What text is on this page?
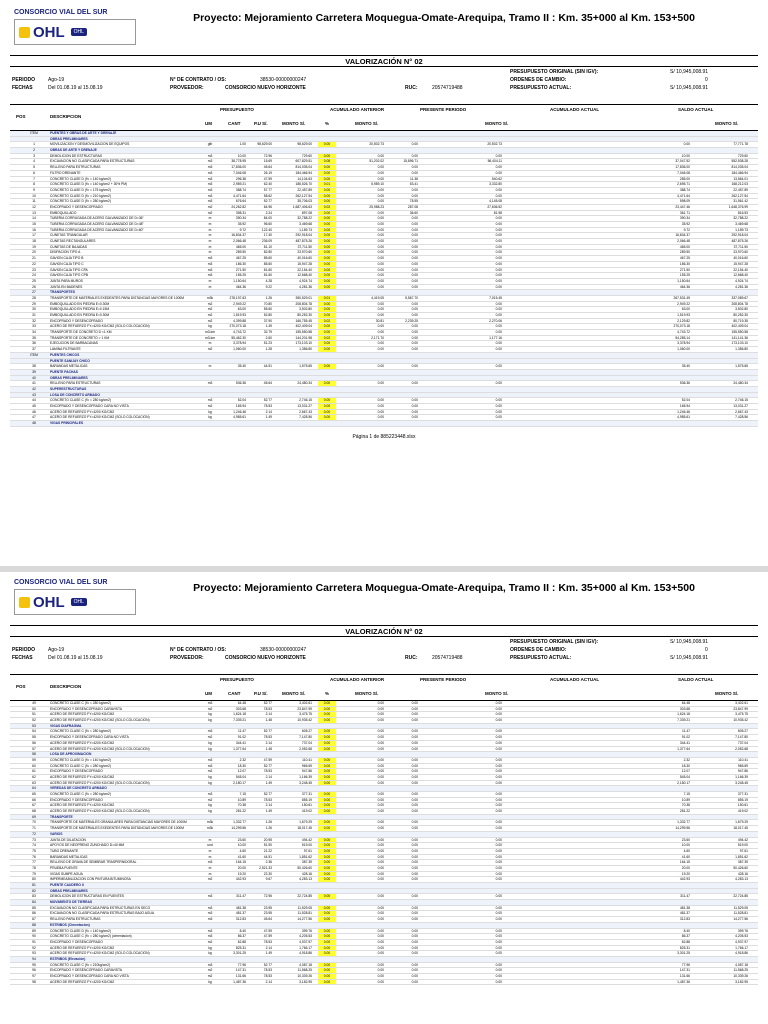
CONSORCIO VIAL DEL SUR
OHL	OHL
Proyecto: Mejoramiento Carretera Moquegua-Omate-Arequipa, Tramo II : Km. 35+000 al Km. 153+500
VALORIZACIÓN N° 02
PRESUPUESTO ORIGINAL (SIN IGV):	S/ 10,945,008.91
PERIODO	Ago-19	N° DE CONTRATO / OS:	38530-00000000247	ORDENES DE CAMBIO:	0
FECHAS	Del 01.08.19 al 15.08.19	PROVEEDOR:	CONSORCIO NUEVO HORIZONTE	RUC:	20574719488	PRESUPUESTO ACTUAL:	S/ 10,945,008.91
POS	DESCRIPCION
PRESUPUESTO	ACUMULADO ANTERIOR	PRESENTE PERIODO	ACUMULADO ACTUAL	SALDO ACTUAL
UM	CANT	P.U S/.	MONTO S/.	%	MONTO S/.	MONTO S/.	MONTO S/.
ITEM	PUENTES Y OBRAS DE ARTE Y DRENAJE
OBRAS PRELIMINARES
1	MOVILIZACION Y DESMOVILIZACION DE EQUIPOS	glb	1.00	98,629.00	98,629.00	0.00	20,502.73	0.00	20,502.73	0.00	77,771.78
2	OBRAS DE ARTE Y DRENAJE
3	DEMOLICION DE ESTRUCTURAS	m3	10.00	72.96	729.60	0.00	0.00	0.00	0.00	10.00	729.60
4	EXCAVACION NO CLASIFICADA PARA ESTRUCTURAS	m3	38,778.95	15.69	607,829.51	0.08	51,202.02	15,896.71	56,404.11	37,047.52	552,538.28
5	RELLENO PARA ESTRUCTURAS	m3	17,836.00	45.64	814,035.04	0.00	0.00	0.00	0.00	17,836.00	814,035.04
6	FILTRO DRENANTE	m3	7,046.08	26.19	184,466.94	0.00	0.00	0.00	0.00	7,046.08	184,466.94
7	CONCRETO CLASE D (f'c = 140 kg/cm2)	m3	296.38	47.59	14,104.63	0.00	0.00	11.38	540.62	285.00	13,564.01
8	CONCRETO CLASE D (f'c = 140 kg/cm2 + 30% PM)	m3	2,989.21	62.40	186,526.70	0.01	5,989.10	53.41	3,332.80	2,695.71	168,212.03
9	CONCRETO CLASE D (f'c = 175 kg/cm2)	m3	388.74	57.77	22,457.89	0.00	0.00	0.00	0.00	388.74	22,457.89
10	CONCRETO CLASE D (f'c = 210 kg/cm2)	m3	4,471.64	58.62	262,127.54	0.00	0.00	0.00	0.00	4,471.64	262,127.54
11	CONCRETO CLASE D (f'c = 280 kg/cm2)	m3	676.64	52.77	35,706.03	0.00	0.00	78.55	4,145.08	598.09	31,561.42
12	ENCOFRADO Y DESENCOFRADO	m2	24,262.82	64.96	1,687,406.63	0.02	25,988.23	287.08	27,636.52	23,447.46	1,648,376.99
13	EMBOQUILLADO	m2	398.31	2.24	897.08	0.00	0.00	36.60	81.98	361.71	816.53
14	TUBERIA CORRUGADA DE ACERO GALVANIZADO DE D=36"	m	390.34	84.00	32,788.22	0.00	0.00	0.00	0.00	390.34	32,788.22
15	TUBERIA CORRUGADA DE ACERO GALVANIZADO DE D=48"	m	35.92	96.60	3,469.68	0.00	0.00	0.00	0.00	35.92	3,469.68
16	TUBERIA CORRUGADA DE ACERO GALVANIZADO DE D=60"	m	9.72	122.40	1,189.73	0.00	0.00	0.00	0.00	9.72	1,189.73
17	CUNETAS TRIANGULAR	m	16,834.37	17.40	292,918.04	0.00	0.00	0.00	0.00	16,834.37	292,918.04
18	CUNETAS RECTANGULARES	m	2,066.48	236.09	487,875.26	0.00	0.00	0.00	0.00	2,066.48	487,875.26
19	CUNETAS DE BAJADAS	m	465.00	81.10	37,711.50	0.00	0.00	0.00	0.00	465.00	37,711.50
20	DISIPACION TIPO A	m	289.50	82.80	23,970.60	0.00	0.00	0.00	0.00	289.50	23,970.60
21	GAVION CAJA TIPO B	m3	467.25	85.60	40,016.60	0.00	0.00	0.00	0.00	467.25	40,016.60
22	GAVION CAJA TIPO C	m3	186.30	85.60	15,947.28	0.00	0.00	0.00	0.00	186.30	15,947.28
23	GAVION CAJA TIPO CPA	m3	271.50	81.60	22,154.40	0.00	0.00	0.00	0.00	271.50	22,154.40
24	GAVION CAJA TIPO CPB	m3	155.25	81.60	12,668.40	0.00	0.00	0.00	0.00	155.25	12,668.40
25	JUNTA PARA MUROS	m	1,150.64	4.28	4,924.74	0.00	0.00	0.00	0.00	1,150.64	4,924.74
26	JUNTA EN BADENES	m	464.36	9.22	4,281.36	0.00	0.00	0.00	0.00	464.36	4,281.36
27	TRANSPORTES
28	TRANSPORTE DE MATERIALES EXEDENTES PARA DISTANCIAS MAYORES DE 1000M	m3k	278,197.63	1.26	350,529.01	0.01	4,419.05	5,567.70	7,015.45	267,531.49	337,089.67
29	EMBOQUILLADO EN PIEDRA E=0.30M	m2	2,949.22	70.80	208,804.78	0.00	0.00	0.00	0.00	2,949.22	208,804.78
30	EMBOQUILLADO EN PIEDRA E=0.15M	m2	63.00	55.60	3,502.80	0.00	0.00	0.00	0.00	63.00	3,502.80
31	EMBOQUILLADO EN PIEDRA E=0.30M	m2	1,519.93	52.80	80,252.30	0.00	0.00	0.00	0.00	1,519.93	80,252.30
32	ENCOFRADO Y DESENCOFRADO	m2	4,399.88	37.90	166,755.45	0.02	30.81	2,239.25	2,270.06	2,129.82	80,719.35
33	ACERO DE REFUERZO FY=4200 KG/CM2 (SOLO COLOCACION)	kg	270,073.18	1.49	402,409.04	0.00	0.00	0.00	0.00	270,073.18	402,409.04
34	TRANSPORTE DE CONCRETO D <1 KM	m3-km	4,743.72	32.79	155,550.58	0.00	0.00	0.00	0.00	4,743.72	155,550.58
35	TRANSPORTE DE CONCRETO > 1 KM	m3-km	55,462.30	2.60	144,201.98	0.02	2,171.70	0.00	1,177.16	54,285.14	141,141.36
36	EJECUCION DE BARBACANAS	m	3,378.94	51.23	173,103.10	0.00	0.00	0.00	0.00	3,378.94	173,103.10
37	LAMINA FILTRANTE	m2	1,060.00	1.28	1,356.80	0.00	0.00	0.00	0.00	1,060.00	1,356.80
ITEM	PUENTES CHICOS
PUENTE SANIJAY CHICO
38	BARANDAS METALICAS	m	35.40	44.51	1,575.65	0.00	0.00	0.00	0.00	35.40	1,575.65
39	PUENTE PACHAS
40	OBRAS PRELIMINARES
41	RELLENO PARA ESTRUCTURAS	m3	536.36	45.64	24,480.34	0.00	0.00	0.00	0.00	536.36	24,480.34
42	SUPERESTRUCTURAS
43	LOSA DE CONCRETO ARMADO
44	CONCRETO CLASE C (f'c = 280 kg/cm2)	m3	52.04	52.77	2,746.15	0.00	0.00	0.00	0.00	52.04	2,746.15
45	ENCOFRADO Y DESENCOFRADO CARA NO VISTA	m2	165.94	78.53	13,031.27	0.00	0.00	0.00	0.00	165.94	13,031.27
46	ACERO DE REFUERZO FY=4200 KG/CM2	kg	1,246.46	2.14	2,667.43	0.00	0.00	0.00	0.00	1,246.46	2,667.43
47	ACERO DE REFUERZO FY=4200 KG/CM2 (SOLO COLOCACION)	kg	4,985.61	1.49	7,428.56	0.00	0.00	0.00	0.00	4,985.61	7,428.56
48	VIGAS PRINCIPALES
Página 1 de 885223448.xlsx
CONSORCIO VIAL DEL SUR
OHL	OHL
Proyecto: Mejoramiento Carretera Moquegua-Omate-Arequipa, Tramo II : Km. 35+000 al Km. 153+500
VALORIZACIÓN N° 02
PRESUPUESTO ORIGINAL (SIN IGV):	S/ 10,945,008.91
PERIODO	Ago-19	N° DE CONTRATO / OS:	38530-00000000247	ORDENES DE CAMBIO:	0
FECHAS	Del 01.08.19 al 15.08.19	PROVEEDOR:	CONSORCIO NUEVO HORIZONTE	RUC:	20574719488	PRESUPUESTO ACTUAL:	S/ 10,945,008.91
POS	DESCRIPCION
PRESUPUESTO	ACUMULADO ANTERIOR	PRESENTE PERIODO	ACUMULADO ACTUAL	SALDO ACTUAL
UM	CANT	P.U S/.	MONTO S/.	%	MONTO S/.	MONTO S/.	MONTO S/.
49	CONCRETO CLASE C (f'c = 280 kg/cm2)	m3	64.48	52.77	3,402.61	0.00	0.00	0.00	0.00	64.48	3,402.61
50	ENCOFRADO Y DESENCOFRADO CARAVISTA	m2	303.68	78.53	23,847.99	0.00	0.00	0.00	0.00	303.68	23,847.99
51	ACERO DE REFUERZO FY=4200 KG/CM2	kg	1,624.18	2.14	3,475.75	0.00	0.00	0.00	0.00	1,624.18	3,475.75
52	ACERO DE REFUERZO FY=4200 KG/CM2 (SOLO COLOCACION)	kg	7,339.21	1.48	10,935.42	0.00	0.00	0.00	0.00	7,339.21	10,935.42
53	VIGAS DIAFRAGMA
54	CONCRETO CLASE C (f'c = 280 kg/cm2)	m3	11.47	52.77	605.27	0.00	0.00	0.00	0.00	11.47	605.27
55	ENCOFRADO Y DESENCOFRADO CARA NO VISTA	m2	91.02	78.53	7,147.80	0.00	0.00	0.00	0.00	91.02	7,147.80
56	ACERO DE REFUERZO FY=4200 KG/CM2	kg	344.41	2.14	737.04	0.00	0.00	0.00	0.00	344.41	737.04
57	ACERO DE REFUERZO FY=4200 KG/CM2 (SOLO COLOCACION)	kg	1,377.64	1.48	2,052.68	0.00	0.00	0.00	0.00	1,377.64	2,052.68
58	LOSA DE APROXIMACION
59	CONCRETO CLASE D (f'c = 140 kg/cm2)	m3	2.32	47.59	110.41	0.00	0.00	0.00	0.00	2.32	110.41
60	CONCRETO CLASE C (f'c = 280 kg/cm2)	m3	18.30	52.77	965.69	0.00	0.00	0.00	0.00	18.30	965.69
61	ENCOFRADO Y DESENCOFRADO	m2	12.07	78.53	947.86	0.00	0.00	0.00	0.00	12.07	947.86
62	ACERO DE REFUERZO FY=4200 KG/CM2	kg	545.04	2.14	1,166.39	0.00	0.00	0.00	0.00	545.04	1,166.39
63	ACERO DE REFUERZO FY=4200 KG/CM2 (SOLO COLOCACION)	kg	2,180.17	1.49	3,248.45	0.00	0.00	0.00	0.00	2,180.17	3,248.45
64	VEREDAS DE CONCRETO ARMADO
65	CONCRETO CLASE C (f'c = 280 kg/cm2)	m3	7.15	52.77	377.31	0.00	0.00	0.00	0.00	7.15	377.31
66	ENCOFRADO Y DESENCOFRADO	m2	10.89	78.53	855.19	0.00	0.00	0.00	0.00	10.89	855.19
67	ACERO DE REFUERZO FY=4200 KG/CM2	kg	70.38	2.14	150.61	0.00	0.00	0.00	0.00	70.38	150.61
68	ACERO DE REFUERZO FY=4200 KG/CM2 (SOLO COLOCACION)	kg	281.22	1.49	419.02	0.00	0.00	0.00	0.00	281.22	419.02
69	TRANSPORTE
70	TRANSPORTE DE MATERIALES GRANULARES PARA DISTANCIAS MAYORES DE 1000M	m3k	1,332.77	1.26	1,679.29	0.00	0.00	0.00	0.00	1,332.77	1,679.29
71	TRANSPORTE DE MATERIALES EXEDENTES PARA DISTANCIAS MAYORES DE 1000M	m3k	14,299.56	1.26	18,017.45	0.00	0.00	0.00	0.00	14,299.56	18,017.45
72	VARIOS
73	JUNTA DE DILATACION	m	23.60	20.95	494.42	0.00	0.00	0.00	0.00	23.60	494.42
74	APOYOS DE NEOPRENO ZUNCHADO D=40 MM	und	10.00	51.90	519.00	0.00	0.00	0.00	0.00	10.00	519.00
75	TUBO DRENANTE	m	4.60	21.22	97.61	0.00	0.00	0.00	0.00	4.60	97.61
76	BARANDAS METALICAS	m	41.60	44.51	1,851.62	0.00	0.00	0.00	0.00	41.60	1,851.62
77	RELLENO DE GRAVA DE SEMBRAR TRASPERNIDORAL	m3	164.15	2.36	387.39	0.00	0.00	0.00	0.00	164.15	387.39
78	PRUEBA PUENTE	m	20.00	2,521.33	50,426.60	0.00	0.00	0.00	0.00	20.00	50,426.60
79	VIGAS SUMPE AGUA	m	19.20	22.30	428.16	0.00	0.00	0.00	0.00	19.20	428.16
80	IMPERMEABILIZACION CON PINTURA BITUMINOSA	m2	442.93	9.67	4,283.13	0.00	0.00	0.00	0.00	442.93	4,283.13
81	PUENTE CAUDERO II
82	OBRAS PRELIMINARES
83	DEMOLICION DE ESTRUCTURAS EN PUENTES	m3	311.47	72.96	22,724.85	0.00	0.00	0.00	0.00	311.47	22,724.85
84	MOVIMIENTO DE TIERRAS
85	EXCAVACION NO CLASIFICADA PARA ESTRUCTURAS EN SECO	m3	481.38	23.95	11,529.05	0.00	0.00	0.00	0.00	481.38	11,529.05
86	EXCAVACION NO CLASIFICADA PARA ESTRUCTURAS BAJO AGUA	m3	481.37	23.95	11,528.81	0.00	0.00	0.00	0.00	481.37	11,528.81
87	RELLENO PARA ESTRUCTURAS	m3	312.83	45.64	14,277.56	0.00	0.00	0.00	0.00	312.83	14,277.56
88	ESTRIBOS (Cimentacion)
89	CONCRETO CLASE D (f'c = 140 kg/cm2)	m3	8.40	47.59	399.76	0.00	0.00	0.00	0.00	8.40	399.76
90	CONCRETO CLASE C (f'c = 280 kg/cm2) (cimentacion)	m3	86.37	47.59	4,205.53	0.00	0.00	0.00	0.00	86.37	4,205.53
91	ENCOFRADO Y DESENCOFRADO	m2	62.88	78.53	4,937.97	0.00	0.00	0.00	0.00	62.88	4,937.97
92	ACERO DE REFUERZO FY=4200 KG/CM2	kg	825.31	2.14	1,766.17	0.00	0.00	0.00	0.00	825.31	1,766.17
93	ACERO DE REFUERZO FY=4200 KG/CM2 (SOLO COLOCACION)	kg	3,301.25	1.49	4,918.86	0.00	0.00	0.00	0.00	3,301.25	4,918.86
94	ESTRIBOS (Elevación)
95	CONCRETO CLASE C (f'c = 210kg/cm2)	m3	77.96	52.77	4,087.18	0.00	0.00	0.00	0.00	77.96	4,087.18
96	ENCOFRADO Y DESENCOFRADO CARAVISTA	m2	147.31	78.53	11,568.25	0.00	0.00	0.00	0.00	147.31	11,568.25
97	ENCOFRADO Y DESENCOFRADO CARA NO VISTA	m2	131.66	78.53	10,339.26	0.00	0.00	0.00	0.00	131.66	10,339.26
98	ACERO DE REFUERZO FY=4200 KG/CM2	kg	1,487.36	2.14	3,182.95	0.00	0.00	0.00	0.00	1,487.36	3,182.95
